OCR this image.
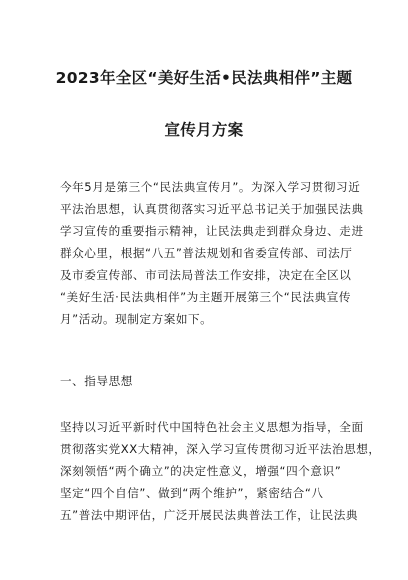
2023年全区“美好生活•民法典相伴”主题
宣传月方案
今年5月是第三个“民法典宣传月”。为深入学习贯彻习近
平法治思想，认真贯彻落实习近平总书记关于加强民法典
学习宣传的重要指示精神，让民法典走到群众身边、走进
群众心里，根据“八五”普法规划和省委宣传部、司法厅
及市委宣传部、市司法局普法工作安排，决定在全区以
“美好生活·民法典相伴”为主题开展第三个“民法典宣传
月”活动。现制定方案如下。
一、指导思想
坚持以习近平新时代中国特色社会主义思想为指导，全面
贯彻落实党XX大精神，深入学习宣传贯彻习近平法治思想，
深刻领悟“两个确立”的决定性意义，增强“四个意识”
坚定“四个自信”、做到“两个维护”，紧密结合“八
五”普法中期评估，广泛开展民法典普法工作，让民法典
